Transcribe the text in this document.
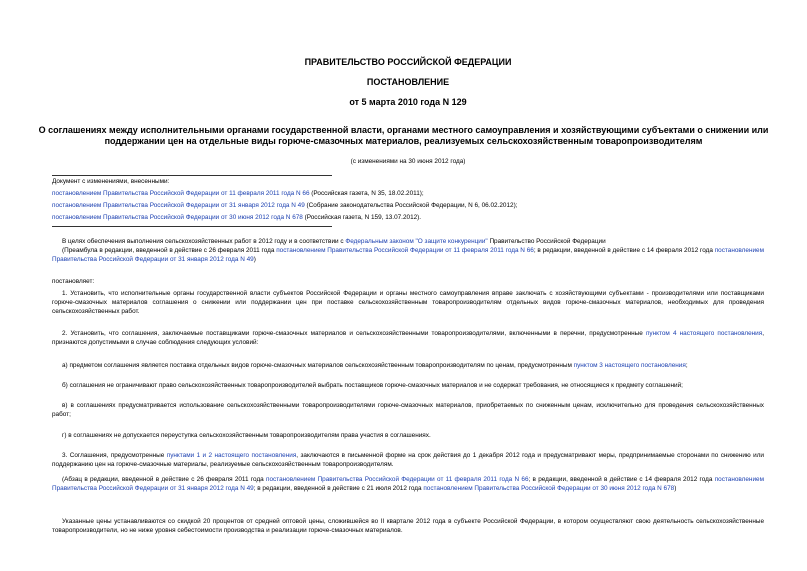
ПРАВИТЕЛЬСТВО РОССИЙСКОЙ ФЕДЕРАЦИИ
ПОСТАНОВЛЕНИЕ
от 5 марта 2010 года N 129
О соглашениях между исполнительными органами государственной власти, органами местного самоуправления и хозяйствующими субъектами о снижении или
поддержании цен на отдельные виды горюче-смазочных материалов, реализуемых сельскохозяйственным товаропроизводителям
(с изменениями на 30 июня 2012 года)
Документ с изменениями, внесенными:
постановлением Правительства Российской Федерации от 11 февраля 2011 года N 66 (Российская газета, N 35, 18.02.2011);
постановлением Правительства Российской Федерации от 31 января 2012 года N 49 (Собрание законодательства Российской Федерации, N 6, 06.02.2012);
постановлением Правительства Российской Федерации от 30 июня 2012 года N 678 (Российская газета, N 159, 13.07.2012).
В целях обеспечения выполнения сельскохозяйственных работ в 2012 году и в соответствии с Федеральным законом "О защите конкуренции" Правительство Российской Федерации
(Преамбула в редакции, введенной в действие с 26 февраля 2011 года постановлением Правительства Российской Федерации от 11 февраля 2011 года N 66; в редакции, введенной в действие с 14 февраля 2012 года постановлением Правительства Российской Федерации от 31 января 2012 года N 49)
постановляет:
1. Установить, что исполнительные органы государственной власти субъектов Российской Федерации и органы местного самоуправления вправе заключать с хозяйствующими субъектами - производителями или поставщиками горюче-смазочных материалов соглашения о снижении или поддержании цен при поставке сельскохозяйственным товаропроизводителям отдельных видов горюче-смазочных материалов, необходимых для проведения сельскохозяйственных работ.
2. Установить, что соглашения, заключаемые поставщиками горюче-смазочных материалов и сельскохозяйственными товаропроизводителями, включенными в перечни, предусмотренные пунктом 4 настоящего постановления, признаются допустимыми в случае соблюдения следующих условий:
а) предметом соглашения является поставка отдельных видов горюче-смазочных материалов сельскохозяйственным товаропроизводителям по ценам, предусмотренным пунктом 3 настоящего постановления;
б) соглашения не ограничивают право сельскохозяйственных товаропроизводителей выбрать поставщиков горюче-смазочных материалов и не содержат требования, не относящиеся к предмету соглашений;
в) в соглашениях предусматривается использование сельскохозяйственными товаропроизводителями горюче-смазочных материалов, приобретаемых по сниженным ценам, исключительно для проведения сельскохозяйственных работ;
г) в соглашениях не допускается переуступка сельскохозяйственным товаропроизводителям права участия в соглашениях.
3. Соглашения, предусмотренные пунктами 1 и 2 настоящего постановления, заключаются в письменной форме на срок действия до 1 декабря 2012 года и предусматривают меры, предпринимаемые сторонами по снижению или поддержанию цен на горюче-смазочные материалы, реализуемые сельскохозяйственным товаропроизводителям.
(Абзац в редакции, введенной в действие с 26 февраля 2011 года постановлением Правительства Российской Федерации от 11 февраля 2011 года N 66; в редакции, введенной в действие с 14 февраля 2012 года постановлением Правительства Российской Федерации от 31 января 2012 года N 49; в редакции, введенной в действие с 21 июля 2012 года постановлением Правительства Российской Федерации от 30 июня 2012 года N 678)
Указанные цены устанавливаются со скидкой 20 процентов от средней оптовой цены, сложившейся во II квартале 2012 года в субъекте Российской Федерации, в котором осуществляют свою деятельность сельскохозяйственные товаропроизводители, но не ниже уровня себестоимости производства и реализации горюче-смазочных материалов.
